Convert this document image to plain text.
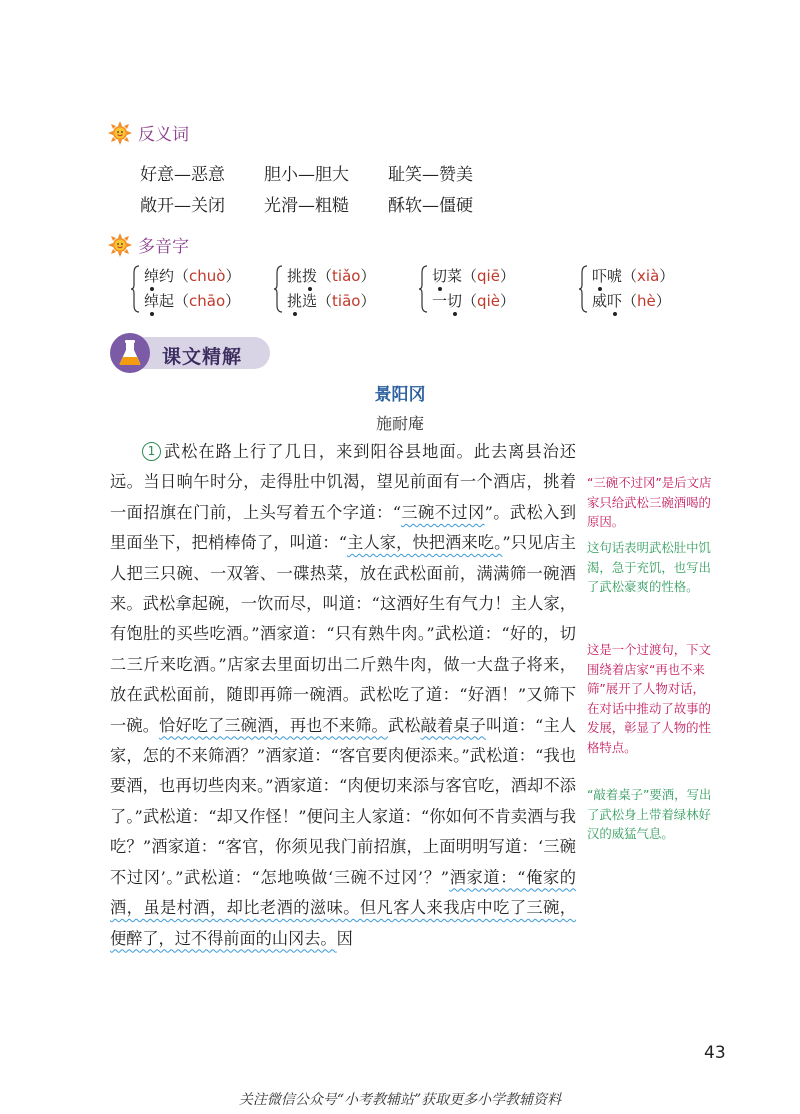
反义词
好意—恶意 胆小—胆大 耻笑—赞美
敞开—关闭 光滑—粗糙 酥软—僵硬
多音字
绰约（chuò）
绰起（chāo）
挑拨（tiǎo）
挑选（tiāo）
切菜（qiē）
一切（qiè）
吓唬（xià）
威吓（hè）
课文精解
景阳冈
施耐庵
1 武松在路上行了几日，来到阳谷县地面。此去离县治还远。当日晌午时分，走得肚中饥渴，望见前面有一个酒店，挑着一面招旗在门前，上头写着五个字道：“三碗不过冈”。武松入到里面坐下，把梢棒倚了，叫道：“主人家，快把酒来吃。”只见店主人把三只碗、一双箸、一碟热菜，放在武松面前，满满筛一碗酒来。武松拿起碗，一饮而尽，叫道：“这酒好生有气力！主人家，有饱肚的买些吃酒。”酒家道：“只有熟牛肉。”武松道：“好的，切二三斤来吃酒。”店家去里面切出二斤熟牛肉，做一大盘子将来，放在武松面前，随即再筛一碗酒。武松吃了道：“好酒！”又筛下一碗。恰好吃了三碗酒，再也不来筛。武松敲着桌子叫道：“主人家，怎的不来筛酒？”酒家道：“客官要肉便添来。”武松道：“我也要酒，也再切些肉来。”酒家道：“肉便切来添与客官吃，酒却不添了。”武松道：“却又作怪！”便问主人家道：“你如何不肯卖酒与我吃？”酒家道：“客官，你须见我门前招旗，上面明明写道：‘三碗不过冈’。”武松道：“怎地唤做‘三碗不过冈’？”酒家道：“俺家的酒，虽是村酒，却比老酒的滋味。但凡客人来我店中吃了三碗，便醉了，过不得前面的山冈去。因
“三碗不过冈”是后文店家只给武松三碗酒喝的原因。
这句话表明武松肚中饥渴，急于充饥，也写出了武松豪爽的性格。
这是一个过渡句，下文围绕着店家“再也不来筛”展开了人物对话，在对话中推动了故事的发展，彰显了人物的性格特点。
“敲着桌子”要酒，写出了武松身上带着绿林好汉的威猛气息。
43
关注微信公众号“小考教辅站”获取更多小学教辅资料
